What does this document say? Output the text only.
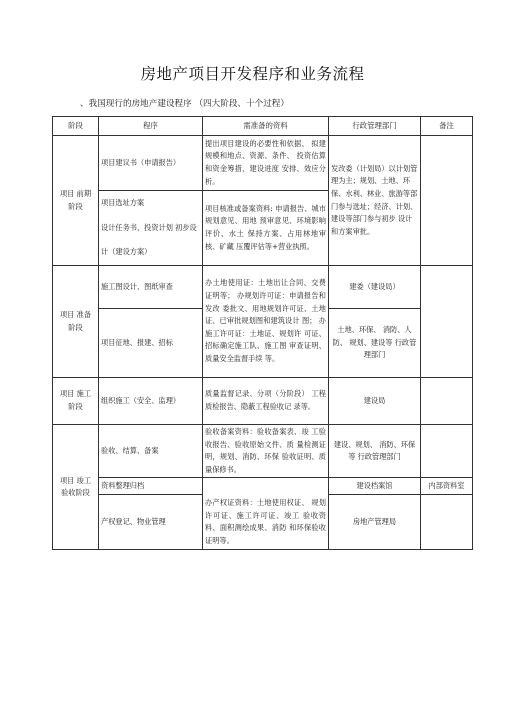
房地产项目开发程序和业务流程
、我国现行的房地产建设程序 （四大阶段、十个过程）
阶段	程序	需准备的资料	行政管理部门	备注
项目 前期 阶段	项目建议书（申请报告）	提出项目建设的必要性和依据、 拟建规模和地点、资源、条件、 投资估算和资金筹措、建设进度 安排、效应分析。	发改委（计划局）以计划管理为主；规划、土地、环保、水利、林业、旅游等部门参与选址；经济、计划、建设等部门参与初步 设计和方案审批。	
	项目选址方案	项目核准或备案资料: 申请报告、城市规划意见、用地 预审意见、环境影响评价、水土 保持方案、占用林地审核、矿藏 压覆评估等+营业执照。		
	设计任务书、投资计划 初步设计（建设方案）			
项目 准备 阶段	施工图设计、图纸审查	办土地使用证：土地出让合同、交费证明等； 办规划许可证：申请报告和发改 委批文、用地规划许可证、土地 证、已审批规划图和建筑设计 图； 办施工许可证：土地证、规划许 可证、招标确定施工队、施工图 审查证明、质量安全监督手续 等。	建委（建设局）	
	项目征地、报建、招标		土地、环保、 消防、人防、 规划、建设等 行政管理部门	
项目 施工 阶段	组织施工（安全、监理）	质量监督记录、分项（分阶段） 工程质检报告、隐蔽工程验收记 录等。	建设局	
项目 竣工 验收阶段	验收、结算、备案	验收备案资料：验收备案表、竣 工验收报告、验收原始文件、质 量检测证明，规划、消防、环保 验收证明、质量保修书。	建设、规划、 消防、环保等 行政管理部门	
	资料整理归档		建设档案馆	内部资料室
	产权登记、物业管理	办产权证资料：土地使用权证、 规划许可证、施工许可证、竣工 验收资料、面积测绘成果、消防 和环保验收证明等。	房地产管理局	
